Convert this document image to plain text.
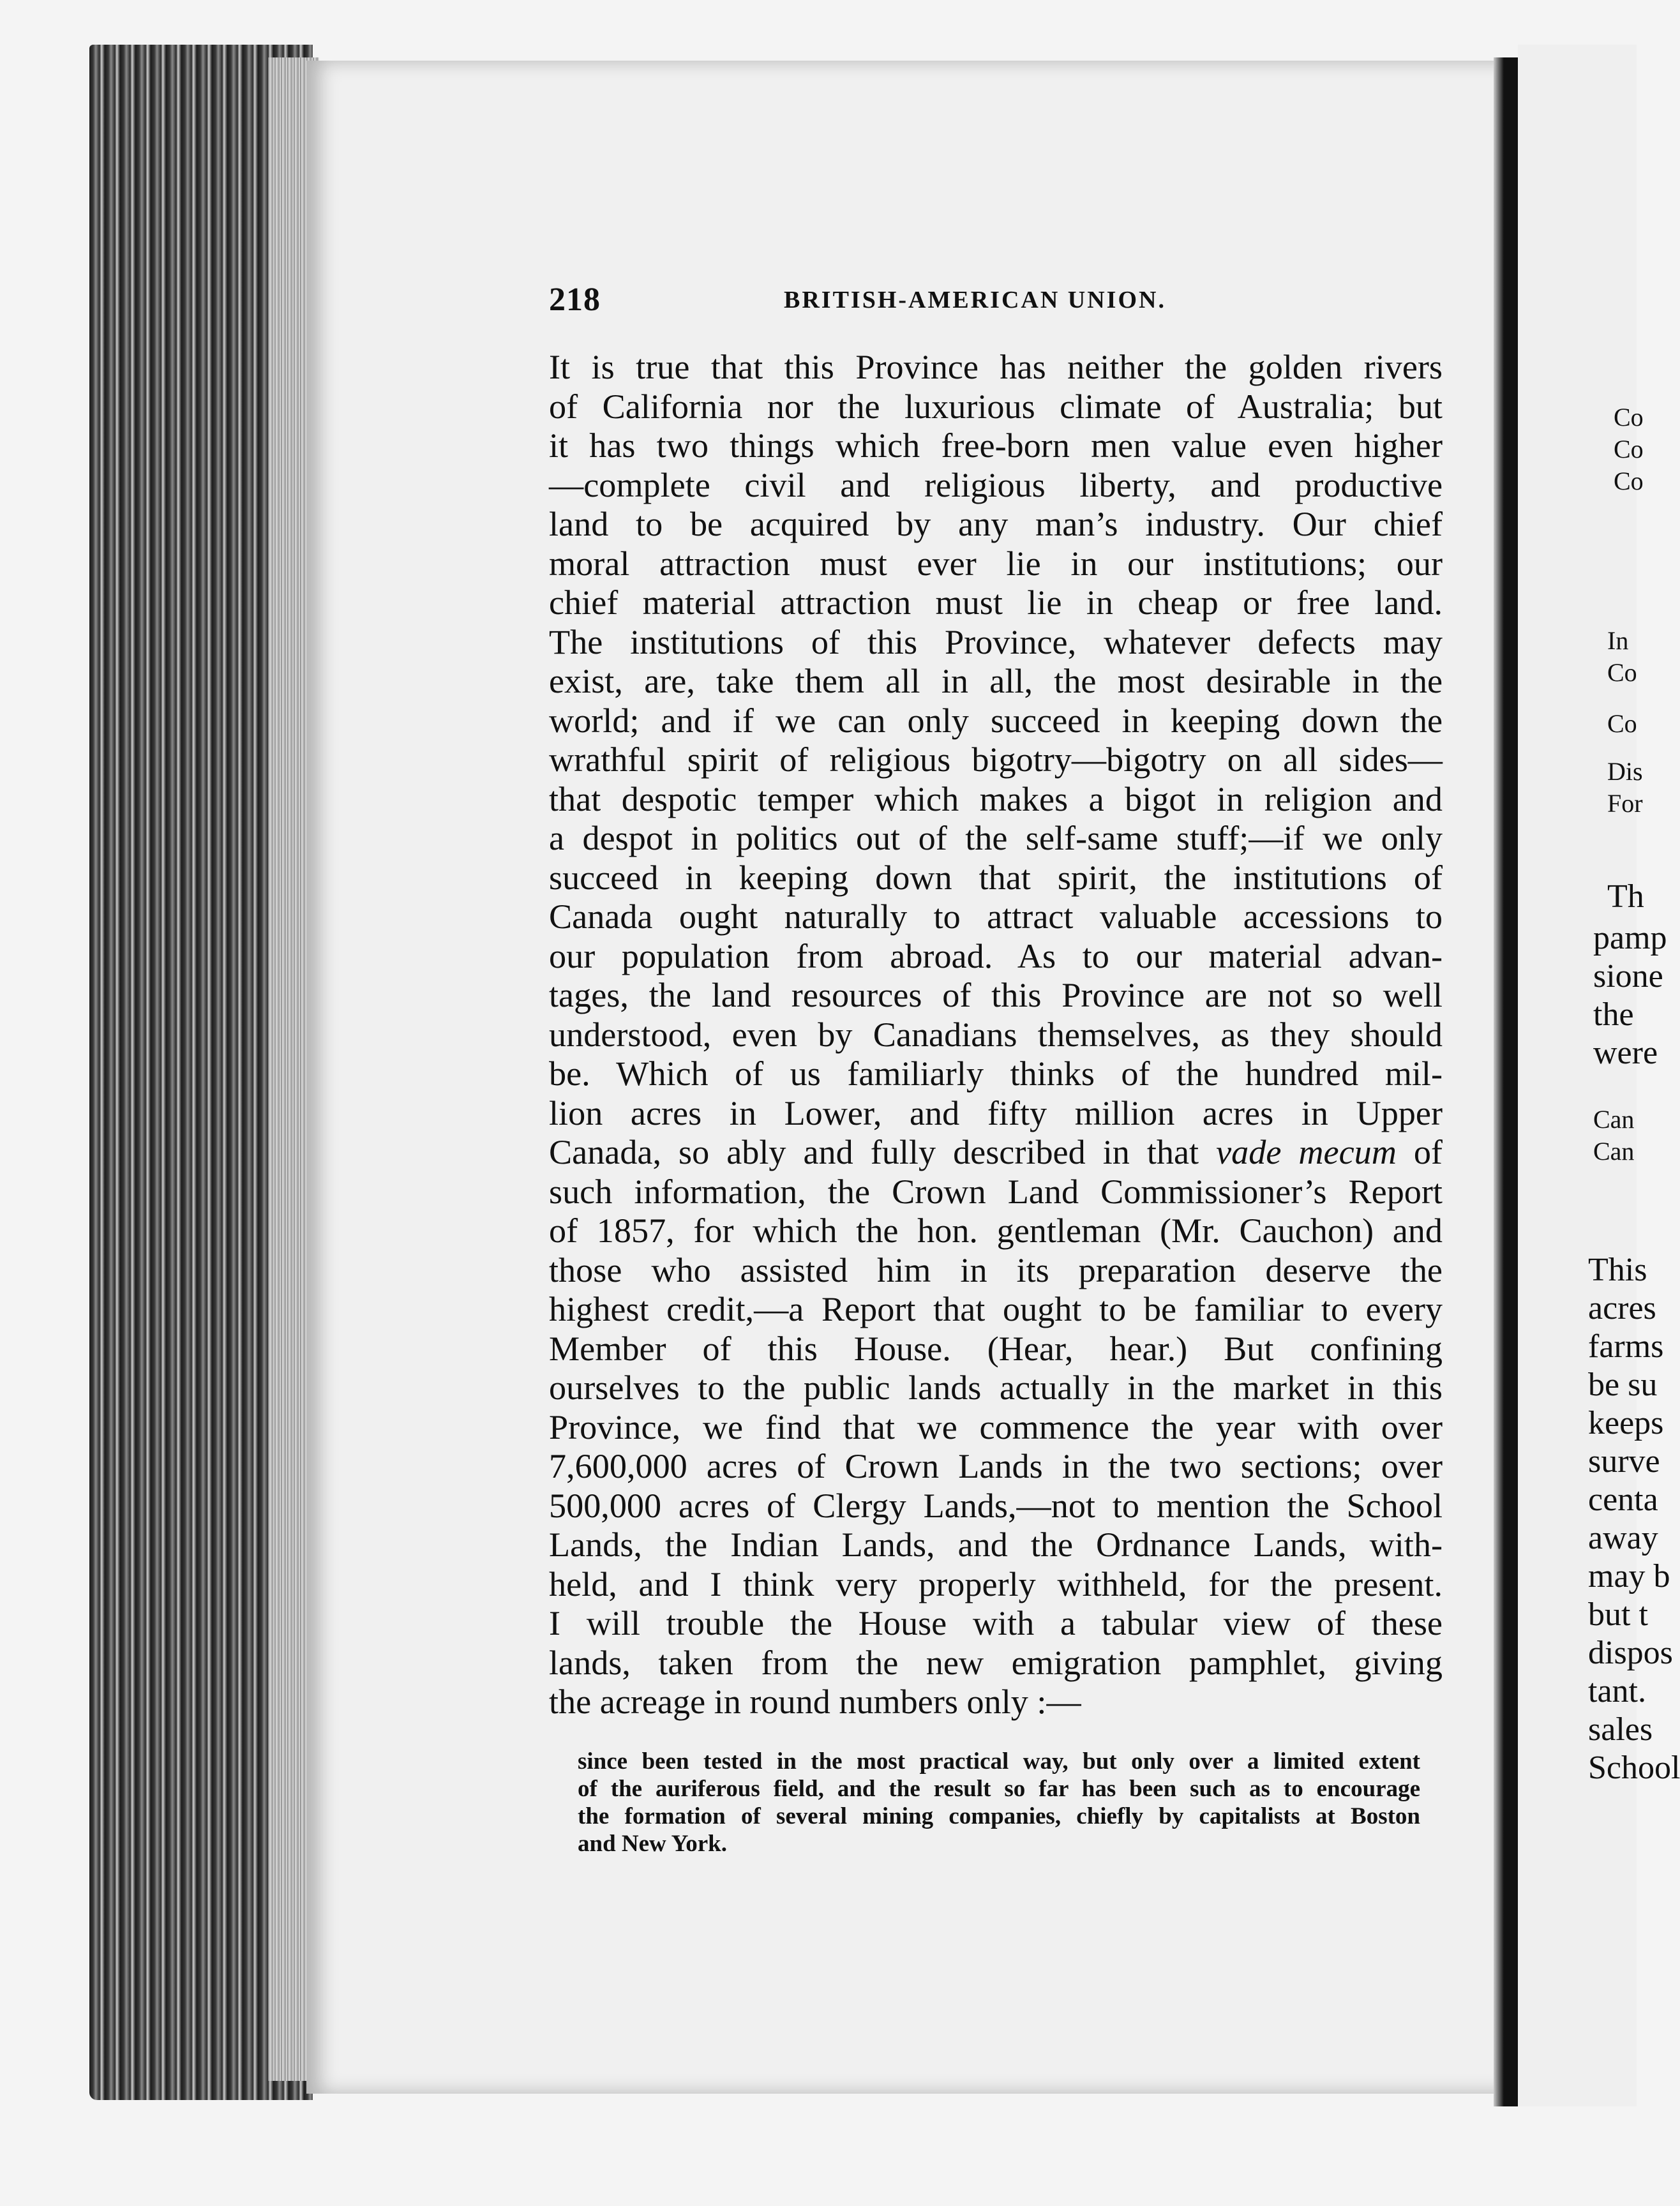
218	BRITISH-AMERICAN UNION.
It is true that this Province has neither the golden rivers
of California nor the luxurious climate of Australia; but
it has two things which free-born men value even higher
—complete civil and religious liberty, and productive
land to be acquired by any man’s industry. Our chief
moral attraction must ever lie in our institutions; our
chief material attraction must lie in cheap or free land.
The institutions of this Province, whatever defects may
exist, are, take them all in all, the most desirable in the
world; and if we can only succeed in keeping down the
wrathful spirit of religious bigotry—bigotry on all sides—
that despotic temper which makes a bigot in religion and
a despot in politics out of the self-same stuff;—if we only
succeed in keeping down that spirit, the institutions of
Canada ought naturally to attract valuable accessions to
our population from abroad. As to our material advan-
tages, the land resources of this Province are not so well
understood, even by Canadians themselves, as they should
be. Which of us familiarly thinks of the hundred mil-
lion acres in Lower, and fifty million acres in Upper
Canada, so ably and fully described in that vade mecum of
such information, the Crown Land Commissioner’s Report
of 1857, for which the hon. gentleman (Mr. Cauchon) and
those who assisted him in its preparation deserve the
highest credit,—a Report that ought to be familiar to every
Member of this House. (Hear, hear.) But confining
ourselves to the public lands actually in the market in this
Province, we find that we commence the year with over
7,600,000 acres of Crown Lands in the two sections; over
500,000 acres of Clergy Lands,—not to mention the School
Lands, the Indian Lands, and the Ordnance Lands, with-
held, and I think very properly withheld, for the present.
I will trouble the House with a tabular view of these
lands, taken from the new emigration pamphlet, giving
the acreage in round numbers only :—
since been tested in the most practical way, but only over a limited extent
of the auriferous field, and the result so far has been such as to encourage
the formation of several mining companies, chiefly by capitalists at Boston
and New York.
Co
Co
Co
In
Co
Co
Dis
For
Th
pamp
sione
the
were
Can
Can
This
acres
farms
be su
keeps
surve
centa
away
may b
but t
dispos
tant.
sales
School
